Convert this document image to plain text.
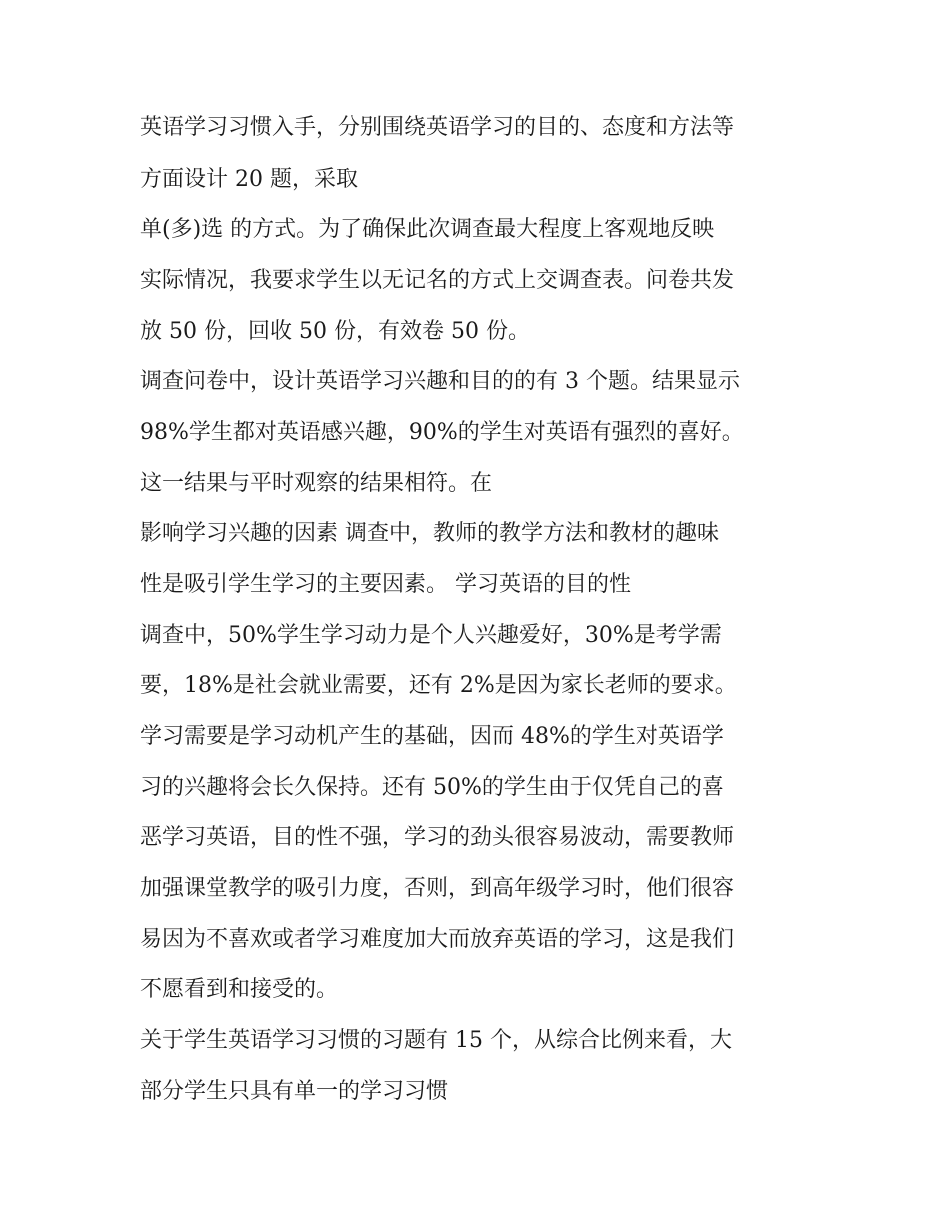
英语学习习惯入手，分别围绕英语学习的目的、态度和方法等
方面设计 20 题，采取
单(多)选 的方式。为了确保此次调查最大程度上客观地反映
实际情况，我要求学生以无记名的方式上交调查表。问卷共发
放 50 份，回收 50 份，有效卷 50 份。
调查问卷中，设计英语学习兴趣和目的的有 3 个题。结果显示
98%学生都对英语感兴趣，90%的学生对英语有强烈的喜好。
这一结果与平时观察的结果相符。在
影响学习兴趣的因素 调查中，教师的教学方法和教材的趣味
性是吸引学生学习的主要因素。 学习英语的目的性
调查中，50%学生学习动力是个人兴趣爱好，30%是考学需
要，18%是社会就业需要，还有 2%是因为家长老师的要求。
学习需要是学习动机产生的基础，因而 48%的学生对英语学
习的兴趣将会长久保持。还有 50%的学生由于仅凭自己的喜
恶学习英语，目的性不强，学习的劲头很容易波动，需要教师
加强课堂教学的吸引力度，否则，到高年级学习时，他们很容
易因为不喜欢或者学习难度加大而放弃英语的学习，这是我们
不愿看到和接受的。
关于学生英语学习习惯的习题有 15 个，从综合比例来看，大
部分学生只具有单一的学习习惯
